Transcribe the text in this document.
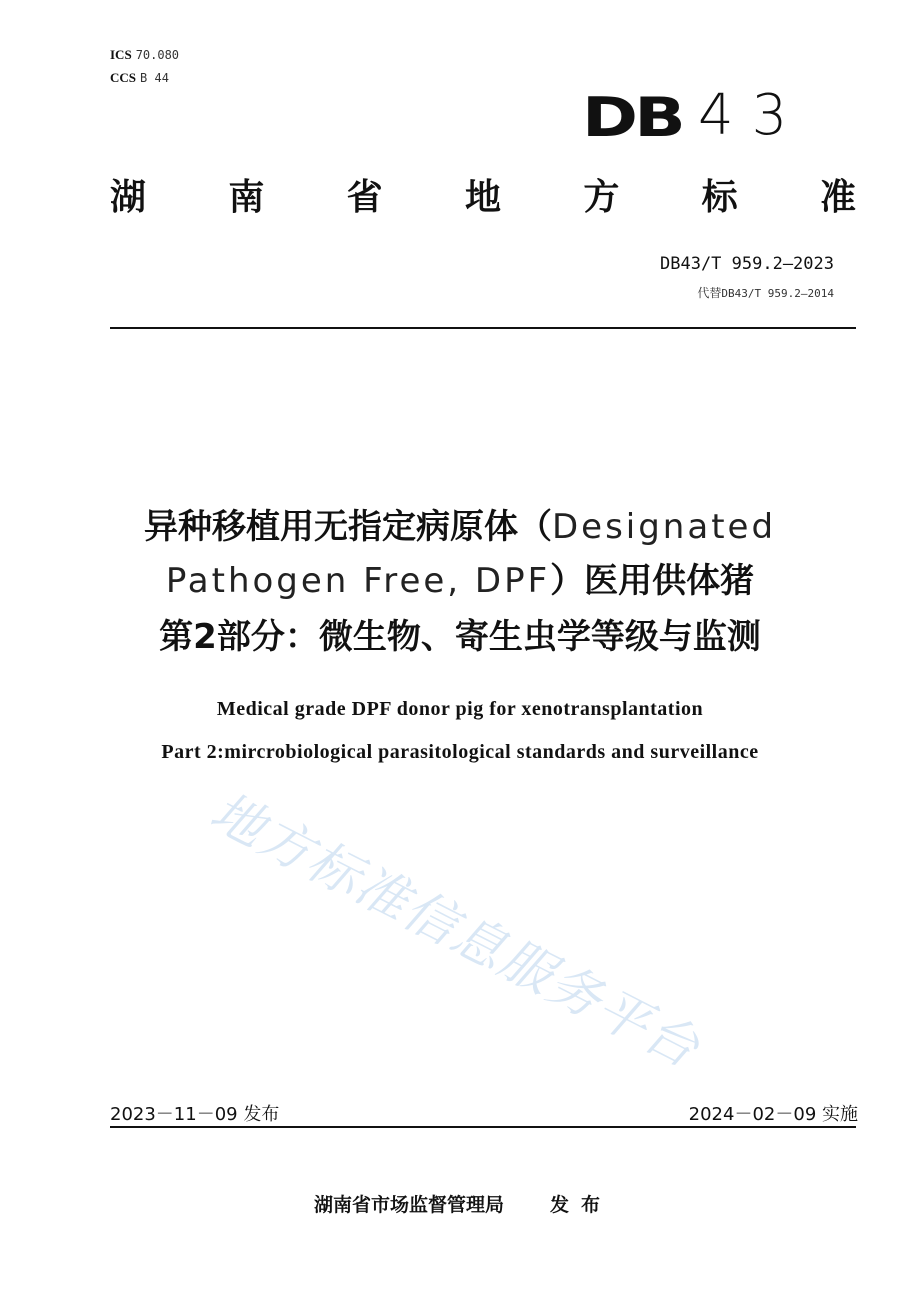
ICS 70.080
CCS B 44
DB 43
湖 南 省 地 方 标 准
DB43/T 959.2—2023
代替DB43/T 959.2—2014
异种移植用无指定病原体（Designated
Pathogen Free, DPF）医用供体猪
第2部分：微生物、寄生虫学等级与监测
Medical grade DPF donor pig for xenotransplantation
Part 2:mircrobiological parasitological standards and surveillance
地方标准信息服务平台
2023－11－09 发布	2024－02－09 实施
湖南省市场监督管理局 发布
